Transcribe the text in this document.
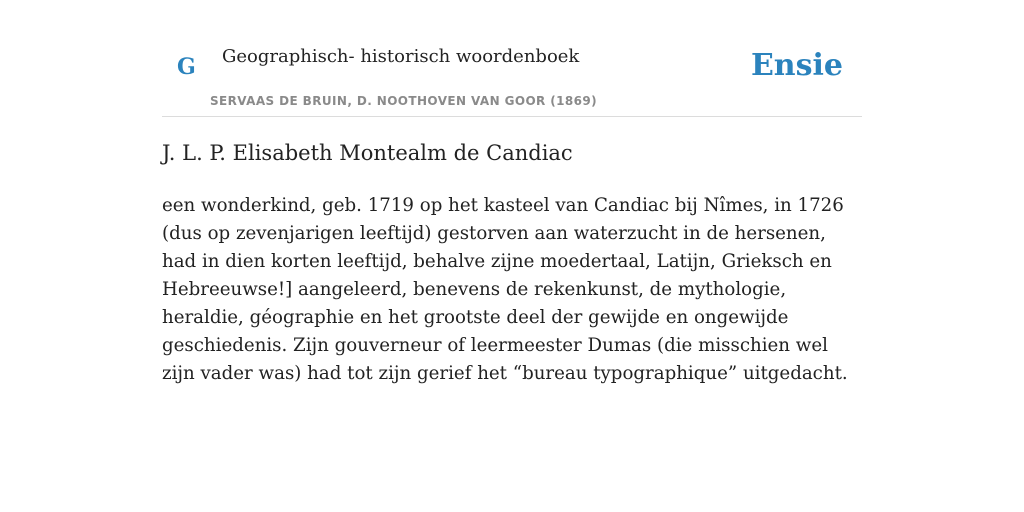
G Geographisch- historisch woordenboek
SERVAAS DE BRUIN, D. NOOTHOVEN VAN GOOR (1869)
Ensie
J. L. P. Elisabeth Montealm de Candiac

een wonderkind, geb. 1719 op het kasteel van Candiac bij Nîmes, in 1726 (dus op zevenjarigen leeftijd) gestorven aan waterzucht in de hersenen, had in dien korten leeftijd, behalve zijne moedertaal, Latijn, Grieksch en Hebreeuwse!] aangeleerd, benevens de rekenkunst, de mythologie, heraldie, géographie en het grootste deel der gewijde en ongewijde geschiedenis. Zijn gouverneur of leermeester Dumas (die misschien wel zijn vader was) had tot zijn gerief het “bureau typographique” uitgedacht.
